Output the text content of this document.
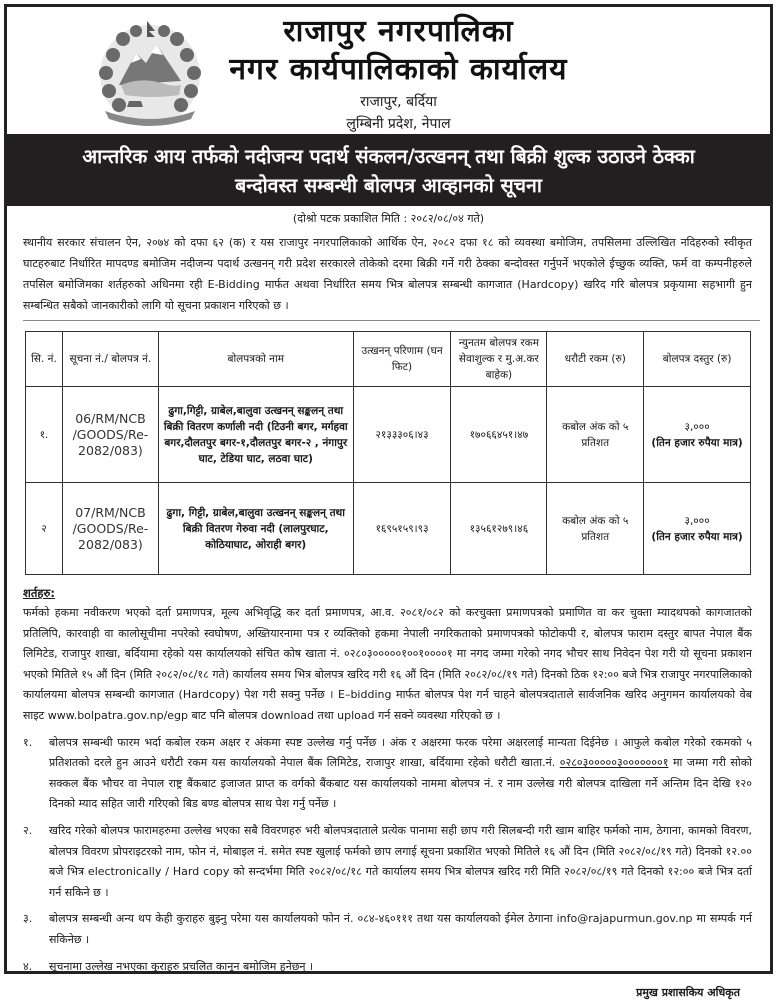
राजापुर नगरपालिका
नगर कार्यपालिकाको कार्यालय
राजापुर, बर्दिया
लुम्बिनी प्रदेश, नेपाल
आन्तरिक आय तर्फको नदीजन्य पदार्थ संकलन/उत्खनन् तथा बिक्री शुल्क उठाउने ठेक्का
बन्दोवस्त सम्बन्धी बोलपत्र आव्हानको सूचना
(दोश्रो पटक प्रकाशित मिति : २०८२/०८/०४ गते)

स्थानीय सरकार संचालन ऐन, २०७४ को दफा ६२ (क) र यस राजापुर नगरपालिकाको आर्थिक ऐन, २०८२ दफा १८ को व्यवस्था बमोजिम, तपसिलमा उल्लिखित नदिहरुको स्वीकृत घाटहरुबाट निर्धारित मापदण्ड बमोजिम नदीजन्य पदार्थ उत्खनन् गरी प्रदेश सरकारले तोकेको दरमा बिक्री गर्ने गरी ठेक्का बन्दोवस्त गर्नुपर्ने भएकोले ईच्छुक व्यक्ति, फर्म वा कम्पनीहरुले तपसिल बमोजिमका शर्तहरुको अधिनमा रही E-Bidding मार्फत अथवा निर्धारित समय भित्र बोलपत्र सम्बन्धी कागजात (Hardcopy) खरिद गरि बोलपत्र प्रकृयामा सहभागी हुन सम्बन्धित सबैको जानकारीको लागि यो सूचना प्रकाशन गरिएको छ ।

सि. नं.	सूचना नं./ बोलपत्र नं.	बोलपत्रको नाम	उत्खनन् परिणाम (घन फिट)	न्युनतम बोलपत्र रकम सेवाशुल्क र मु.अ.कर बाहेक)	धरौटी रकम (रु)	बोलपत्र दस्तुर (रु)
१.	06/RM/NCB /GOODS/Re-2082/083)	ढुगा,गिट्टी, ग्राबेल,बालुवा उत्खनन् सङ्कलन् तथा बिक्री वितरण कर्णाली नदी (टिउनी बगर, मर्गहवा बगर,दौलतपुर बगर-१,दौलतपुर बगर-२ , नंगापुर घाट, टेडिया घाट, लठवा घाट)	२१३३३०६।४३	१७०६६४५१।४७	कबोल अंक को ५ प्रतिशत	३,०००
(तिन हजार रुपैया मात्र)

२	07/RM/NCB /GOODS/Re-2082/083)	ढुगा, गिट्टी, ग्राबेल,बालुवा उत्खनन् सङ्कलन् तथा बिक्री वितरण गेरुवा नदी (लालपुरघाट, कोठियाघाट, ओराही बगर)	१६९५१५९।९३	१३५६१२७९।४६	कबोल अंक को ५ प्रतिशत	३,०००
(तिन हजार रुपैया मात्र)
शर्तहरु:

फर्मको हकमा नवीकरण भएको दर्ता प्रमाणपत्र, मूल्य अभिवृद्धि कर दर्ता प्रमाणपत्र, आ.व. २०८१/०८२ को करचुक्ता प्रमाणपत्रको प्रमाणित वा कर चुक्ता म्यादथपको कागजातको प्रतिलिपि, कारवाही वा कालोसूचीमा नपरेको स्वघोषण, अख्तियारनामा पत्र र व्यक्तिको हकमा नेपाली नगरिकताको प्रमाणपत्रको फोटोकपी र, बोलपत्र फाराम दस्तुर बापत नेपाल बैंक लिमिटेड, राजापुर शाखा, बर्दियामा रहेको यस कार्यालयको संचित कोष खाता नं. ०२८०३०००००१००१००००१ मा नगद जम्मा गरेको नगद भौचर साथ निवेदन पेश गरी यो सूचना प्रकाशन भएको मितिले १५ औं दिन (मिति २०८२/०८/१८ गते) कार्यालय समय भित्र बोलपत्र खरिद गरी १६ औं दिन (मिति २०८२/०८/१९ गते) दिनको ठिक १२:०० बजे भित्र राजापुर नगरपालिकाको कार्यालयमा बोलपत्र सम्बन्धी कागजात (Hardcopy) पेश गरी सक्नु पर्नेछ । E–bidding मार्फत बोलपत्र पेश गर्न चाहने बोलपत्रदाताले सार्वजनिक खरिद अनुगमन कार्यालयको वेब साइट www.bolpatra.gov.np/egp बाट पनि बोलपत्र download तथा upload गर्न सक्ने व्यवस्था गरिएको छ ।

१.	बोलपत्र सम्बन्धी फारम भर्दा कबोल रकम अक्षर र अंकमा स्पष्ट उल्लेख गर्नु पर्नेछ । अंक र अक्षरमा फरक परेमा अक्षरलाई मान्यता दिईनेछ । आफुले कबोल गरेको रकमको ५ प्रतिशतको दरले हुन आउने धरौटी रकम यस कार्यालयको नेपाल बैंक लिमिटेड, राजापुर शाखा, बर्दियामा रहेको धरौटी खाता.नं. ०२८०३०००००३०००००००१ मा जम्मा गरी सोको सक्कल बैंक भौचर वा नेपाल राष्ट्र बैंकबाट इजाजत प्राप्त क वर्गको बैंकबाट यस कार्यालयको नाममा बोलपत्र नं. र नाम उल्लेख गरी बोलपत्र दाखिला गर्ने अन्तिम दिन देखि १२० दिनको म्याद सहित जारी गरिएको बिड बण्ड बोलपत्र साथ पेश गर्नु पर्नेछ ।
२.	खरिद गरेको बोलपत्र फारामहरुमा उल्लेख भएका सबै विवरणहरु भरी बोलपत्रदाताले प्रत्येक पानामा सही छाप गरी सिलबन्दी गरी खाम बाहिर फर्मको नाम, ठेगाना, कामको विवरण, बोलपत्र विवरण प्रोपराइटरको नाम, फोन नं, मोबाइल नं. समेत स्पष्ट खुलाई फर्मको छाप लगाई सूचना प्रकाशित भएको मितिले १६ औं दिन (मिति २०८२/०८/१९ गते) दिनको १२.०० बजे भित्र electronically / Hard copy को सन्दर्भमा मिति २०८२/०८/१८ गते कार्यालय समय भित्र बोलपत्र खरिद गरी मिति २०८२/०८/१९ गते दिनको १२:०० बजे भित्र दर्ता गर्न सकिने छ ।
३.	बोलपत्र सम्बन्धी अन्य थप केही कुराहरु बुझ्नु परेमा यस कार्यालयको फोन नं. ०८४-४६०१११ तथा यस कार्यालयको ईमेल ठेगाना info@rajapurmun.gov.np मा सम्पर्क गर्न सकिनेछ ।
४.	सूचनामा उल्लेख नभएका कुराहरु प्रचलित कानून बमोजिम हुनेछन् ।
प्रमुख प्रशासकिय अधिकृत
